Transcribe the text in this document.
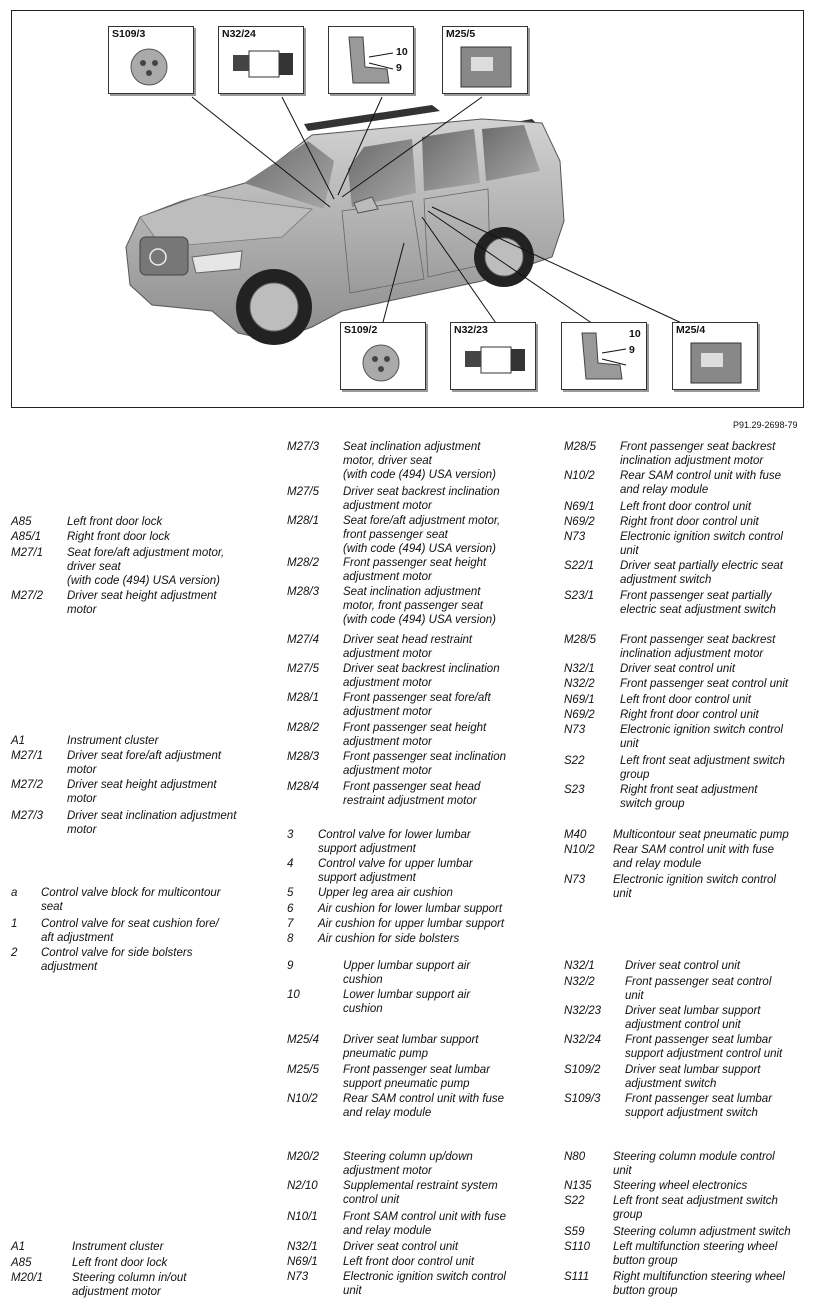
S109/3	N32/24
10
9
M25/5
S109/2	N32/23	10
9
M25/4
P91.29-2698-79
A85	Left front door lock
A85/1 Right front door lock
M27/1 Seat fore/aft adjustment motor,
driver seat
(with code (494) USA version)
M27/2 Driver seat height adjustment
motor
A1	Instrument cluster
M27/1 Driver seat fore/aft adjustment
motor
M27/2 Driver seat height adjustment
motor
M27/3 Driver seat inclination adjustment
motor
a Control valve block for multicontour
seat
1 Control valve for seat cushion fore/
aft adjustment
2 Control valve for side bolsters
adjustment
A1	Instrument cluster
A85	Left front door lock
M20/1	Steering column in/out
adjustment motor
M27/3 Seat inclination adjustment
motor, driver seat
(with code (494) USA version)
M27/5 Driver seat backrest inclination
adjustment motor
M28/1 Seat fore/aft adjustment motor,
front passenger seat
(with code (494) USA version)
M28/2 Front passenger seat height
adjustment motor
M28/3 Seat inclination adjustment
motor, front passenger seat
(with code (494) USA version)
M27/4 Driver seat head restraint
adjustment motor
M27/5 Driver seat backrest inclination
adjustment motor
M28/1 Front passenger seat fore/aft
adjustment motor
M28/2 Front passenger seat height
adjustment motor
M28/3 Front passenger seat inclination
adjustment motor
M28/4 Front passenger seat head
restraint adjustment motor
3 Control valve for lower lumbar
support adjustment
4 Control valve for upper lumbar
support adjustment
5 Upper leg area air cushion
6 Air cushion for lower lumbar support
7 Air cushion for upper lumbar support
8 Air cushion for side bolsters
9	Upper lumbar support air
cushion
10	Lower lumbar support air
cushion
M25/4 Driver seat lumbar support
pneumatic pump
M25/5 Front passenger seat lumbar
support pneumatic pump
N10/2 Rear SAM control unit with fuse
and relay module
M20/2 Steering column up/down
adjustment motor
N2/10 Supplemental restraint system
control unit
N10/1 Front SAM control unit with fuse
and relay module
N32/1 Driver seat control unit
N69/1 Left front door control unit
N73	Electronic ignition switch control
unit
M28/5 Front passenger seat backrest
inclination adjustment motor
N10/2 Rear SAM control unit with fuse
and relay module
N69/1 Left front door control unit
N69/2 Right front door control unit
N73	Electronic ignition switch control
unit
S22/1 Driver seat partially electric seat
adjustment switch
S23/1 Front passenger seat partially
electric seat adjustment switch
M28/5 Front passenger seat backrest
inclination adjustment motor
N32/1 Driver seat control unit
N32/2 Front passenger seat control unit
N69/1 Left front door control unit
N69/2 Right front door control unit
N73	Electronic ignition switch control
unit
S22	Left front seat adjustment switch
group
S23	Right front seat adjustment
switch group
M40 Multicontour seat pneumatic pump
N10/2 Rear SAM control unit with fuse
and relay module
N73 Electronic ignition switch control
unit
N32/1	Driver seat control unit
N32/2	Front passenger seat control
unit
N32/23 Driver seat lumbar support
adjustment control unit
N32/24 Front passenger seat lumbar
support adjustment control unit
S109/2 Driver seat lumbar support
adjustment switch
S109/3 Front passenger seat lumbar
support adjustment switch
N80 Steering column module control
unit
N135 Steering wheel electronics
S22 Left front seat adjustment switch
group
S59 Steering column adjustment switch
S110 Left multifunction steering wheel
button group
S111 Right multifunction steering wheel
button group
